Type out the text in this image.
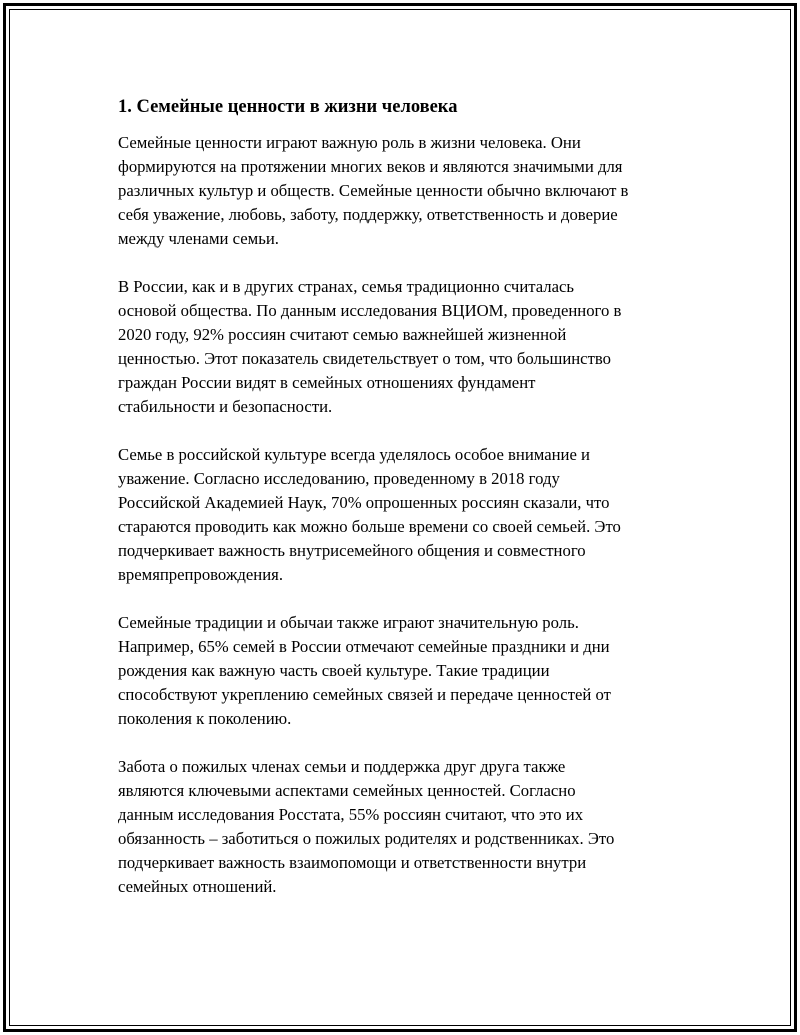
1. Семейные ценности в жизни человека

Семейные ценности играют важную роль в жизни человека. Они
формируются на протяжении многих веков и являются значимыми для
различных культур и обществ. Семейные ценности обычно включают в
себя уважение, любовь, заботу, поддержку, ответственность и доверие
между членами семьи.

В России, как и в других странах, семья традиционно считалась
основой общества. По данным исследования ВЦИОМ, проведенного в
2020 году, 92% россиян считают семью важнейшей жизненной
ценностью. Этот показатель свидетельствует о том, что большинство
граждан России видят в семейных отношениях фундамент
стабильности и безопасности.

Семье в российской культуре всегда уделялось особое внимание и
уважение. Согласно исследованию, проведенному в 2018 году
Российской Академией Наук, 70% опрошенных россиян сказали, что
стараются проводить как можно больше времени со своей семьей. Это
подчеркивает важность внутрисемейного общения и совместного
времяпрепровождения.

Семейные традиции и обычаи также играют значительную роль.
Например, 65% семей в России отмечают семейные праздники и дни
рождения как важную часть своей культуре. Такие традиции
способствуют укреплению семейных связей и передаче ценностей от
поколения к поколению.

Забота о пожилых членах семьи и поддержка друг друга также
являются ключевыми аспектами семейных ценностей. Согласно
данным исследования Росстата, 55% россиян считают, что это их
обязанность – заботиться о пожилых родителях и родственниках. Это
подчеркивает важность взаимопомощи и ответственности внутри
семейных отношений.
